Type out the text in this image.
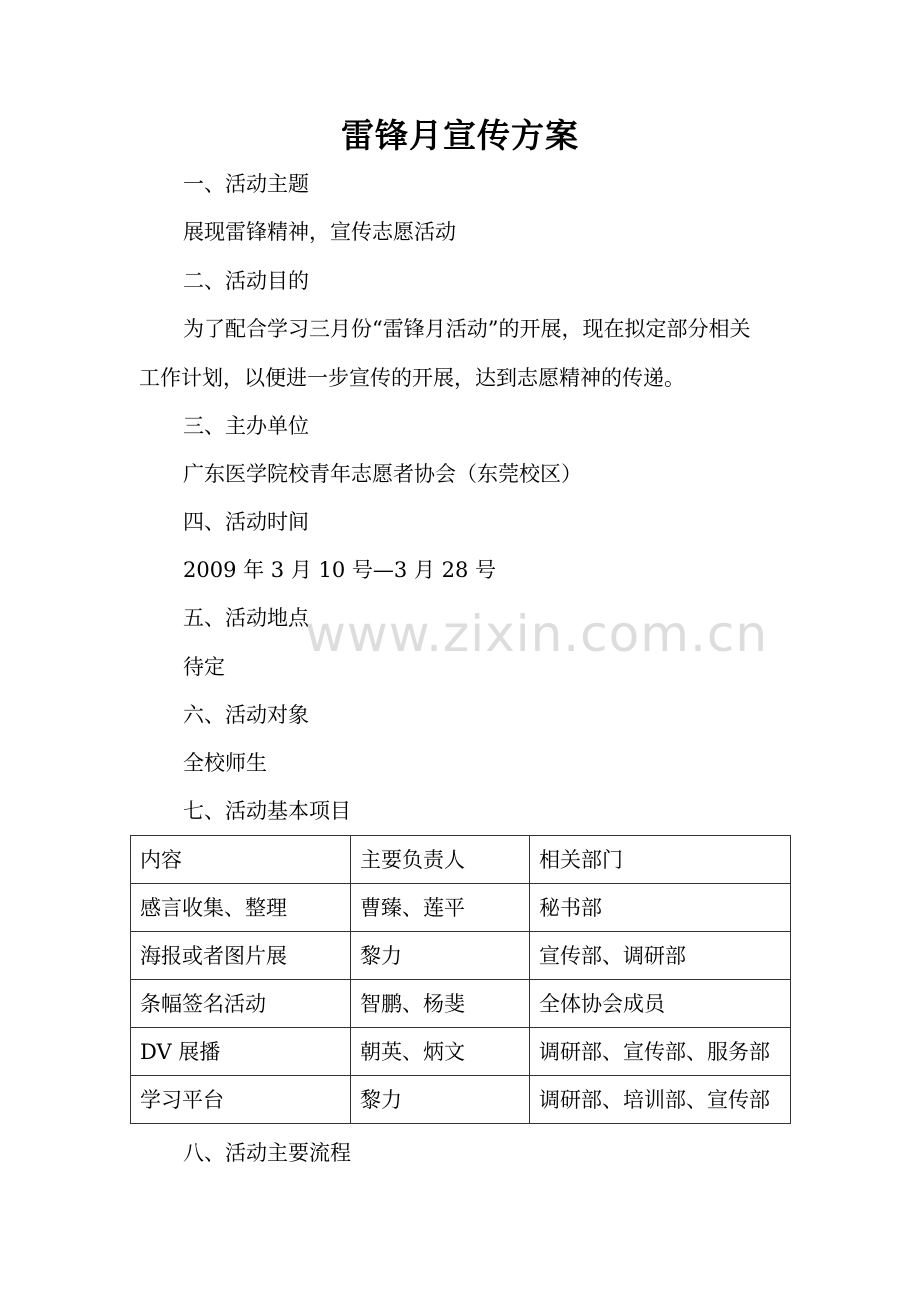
雷锋月宣传方案
一、活动主题
展现雷锋精神，宣传志愿活动
二、活动目的
为了配合学习三月份“雷锋月活动”的开展，现在拟定部分相关
工作计划，以便进一步宣传的开展，达到志愿精神的传递。
三、主办单位
广东医学院校青年志愿者协会（东莞校区）
四、活动时间
2009 年 3 月 10 号—3 月 28 号
五、活动地点
待定
六、活动对象
全校师生
七、活动基本项目
内容	主要负责人	相关部门
感言收集、整理	曹臻、莲平	秘书部
海报或者图片展	黎力	宣传部、调研部
条幅签名活动	智鹏、杨斐	全体协会成员
DV 展播	朝英、炳文	调研部、宣传部、服务部
学习平台	黎力	调研部、培训部、宣传部
八、活动主要流程
www.zixin.com.cn
